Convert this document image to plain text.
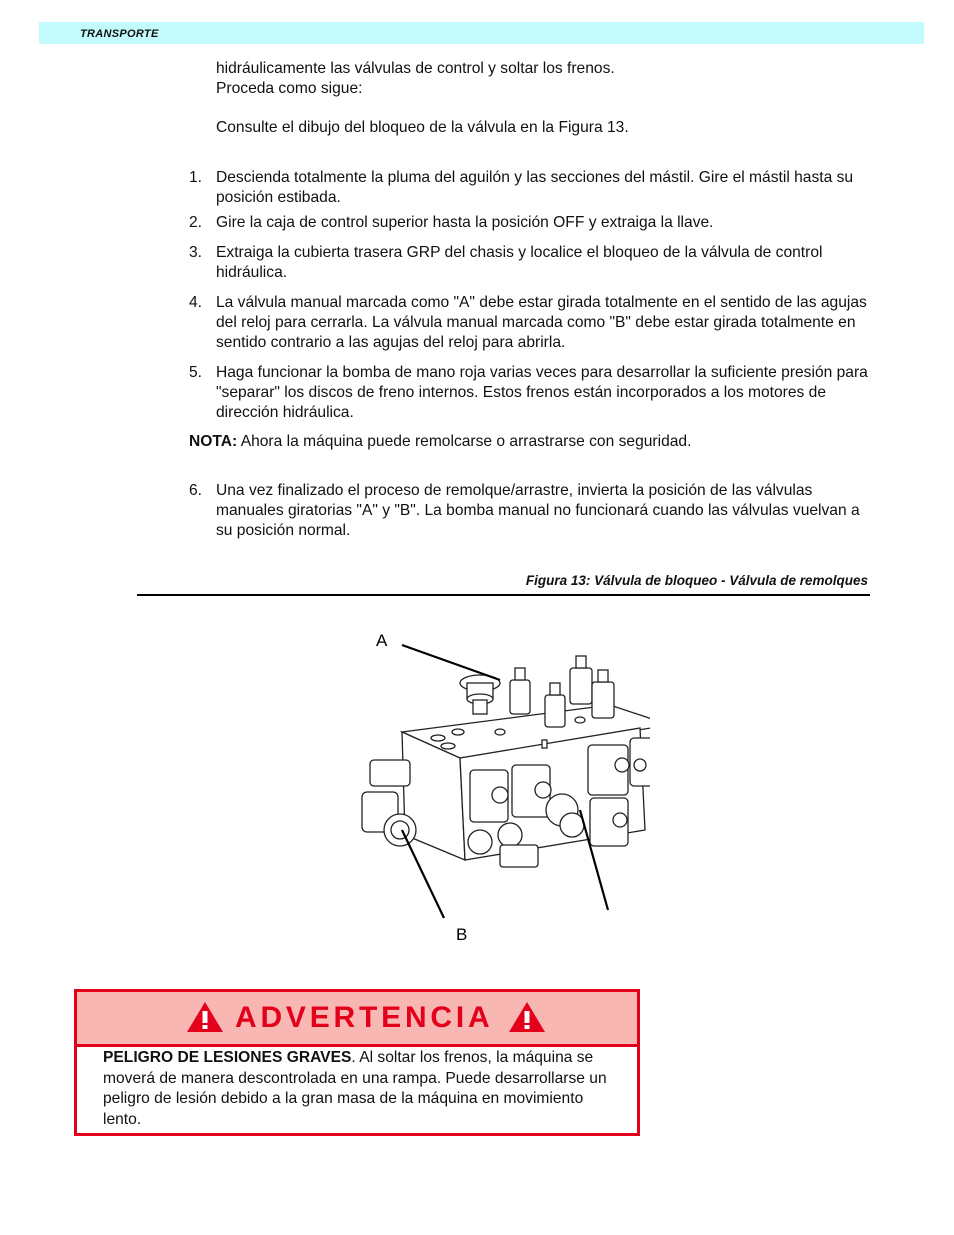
TRANSPORTE
hidráulicamente las válvulas de control y soltar los frenos.
Proceda como sigue:
Consulte el dibujo del bloqueo de la válvula en la Figura 13.
1. Descienda totalmente la pluma del aguilón y las secciones del mástil. Gire el mástil hasta su posición estibada.
2. Gire la caja de control superior hasta la posición OFF y extraiga la llave.
3. Extraiga la cubierta trasera GRP del chasis y localice el bloqueo de la válvula de control hidráulica.
4. La válvula manual marcada como "A" debe estar girada totalmente en el sentido de las agujas del reloj para cerrarla. La válvula manual marcada como "B" debe estar girada totalmente en sentido contrario a las agujas del reloj para abrirla.
5. Haga funcionar la bomba de mano roja varias veces para desarrollar la suficiente presión para "separar" los discos de freno internos. Estos frenos están incorporados a los motores de dirección hidráulica.
NOTA: Ahora la máquina puede remolcarse o arrastrarse con seguridad.
6. Una vez finalizado el proceso de remolque/arrastre, invierta la posición de las válvulas manuales giratorias "A" y "B". La bomba manual no funcionará cuando las válvulas vuelvan a su posición normal.
Figura 13: Válvula de bloqueo - Válvula de remolques
A
B
ADVERTENCIA
PELIGRO DE LESIONES GRAVES. Al soltar los frenos, la máquina se moverá de manera descontrolada en una rampa. Puede desarrollarse un peligro de lesión debido a la gran masa de la máquina en movimiento lento.
